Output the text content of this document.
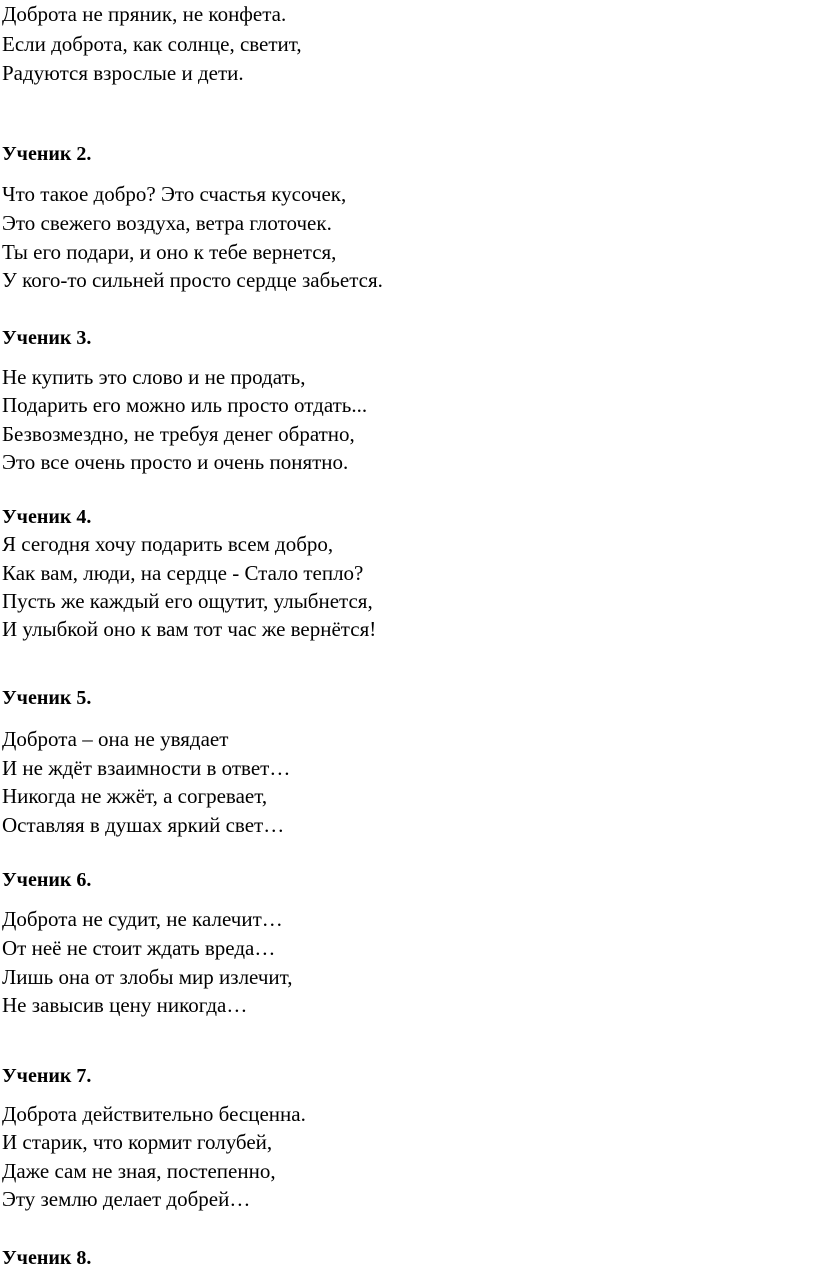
Доброта не пряник, не конфета.

Если доброта, как солнце, светит,

Радуются взрослые и дети.

Ученик 2.

Что такое добро? Это счастья кусочек,

Это свежего воздуха, ветра глоточек.

Ты его подари, и оно к тебе вернется,

У кого-то сильней просто сердце забьется.

Ученик 3.

Не купить это слово и не продать,

Подарить его можно иль просто отдать...

Безвозмездно, не требуя денег обратно,

Это все очень просто и очень понятно.

Ученик 4.

Я сегодня хочу подарить всем добро,

Как вам, люди, на сердце - Стало тепло?

Пусть же каждый его ощутит, улыбнется,

И улыбкой оно к вам тот час же вернётся!

Ученик 5.

Доброта – она не увядает

И не ждёт взаимности в ответ…

Никогда не жжёт, а согревает,

Оставляя в душах яркий свет…

Ученик 6.

Доброта не судит, не калечит…

От неё не стоит ждать вреда…

Лишь она от злобы мир излечит,

Не завысив цену никогда…

Ученик 7.

Доброта действительно бесценна.

И старик, что кормит голубей,

Даже сам не зная, постепенно,

Эту землю делает добрей…

Ученик 8.
